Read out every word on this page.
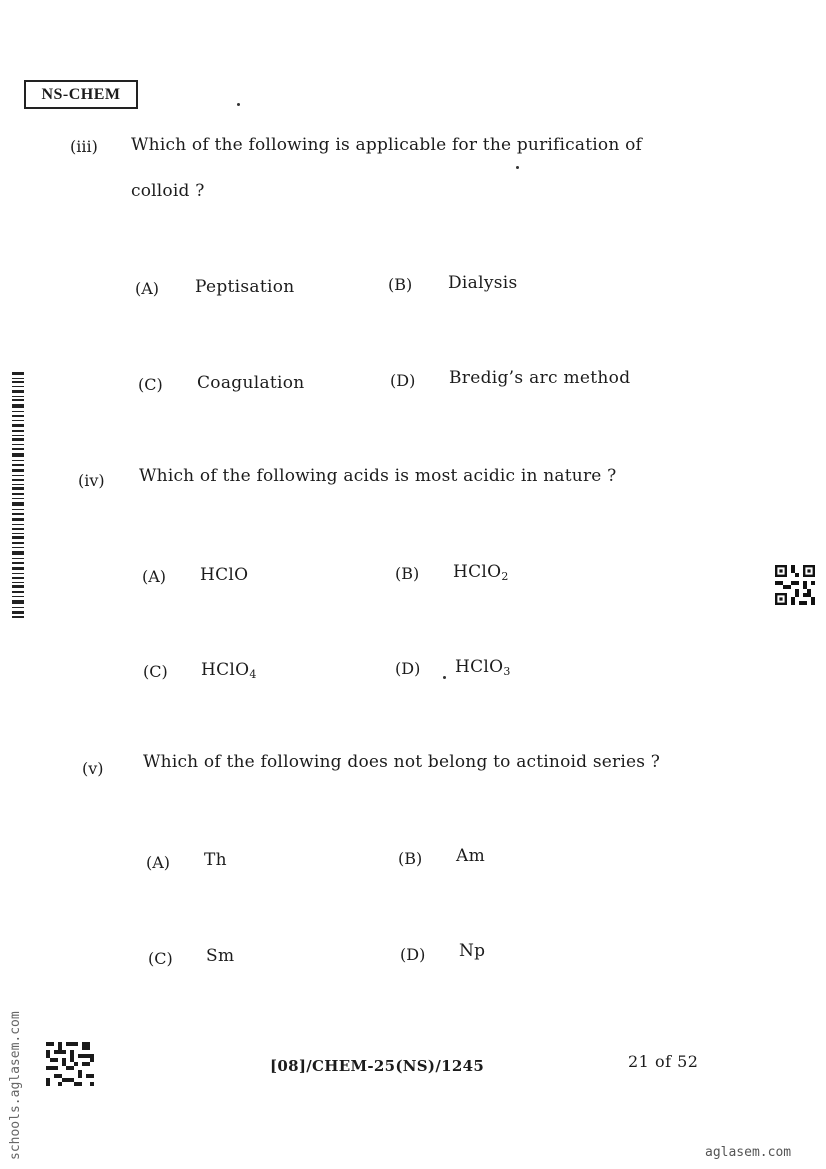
NS-CHEM
(iii) Which of the following is applicable for the purification of
colloid ?
(A) Peptisation	(B) Dialysis
(C) Coagulation	(D) Bredig’s arc method
(iv) Which of the following acids is most acidic in nature ?
(A) HClO	(B) HClO$_2$
(C) HClO$_4$	(D) HClO$_3$
(v) Which of the following does not belong to actinoid series ?
(A) Th	(B) Am
(C) Sm	(D) Np
[08]/CHEM-25(NS)/1245	21 of 52
schools.aglasem.com	aglasem.com
